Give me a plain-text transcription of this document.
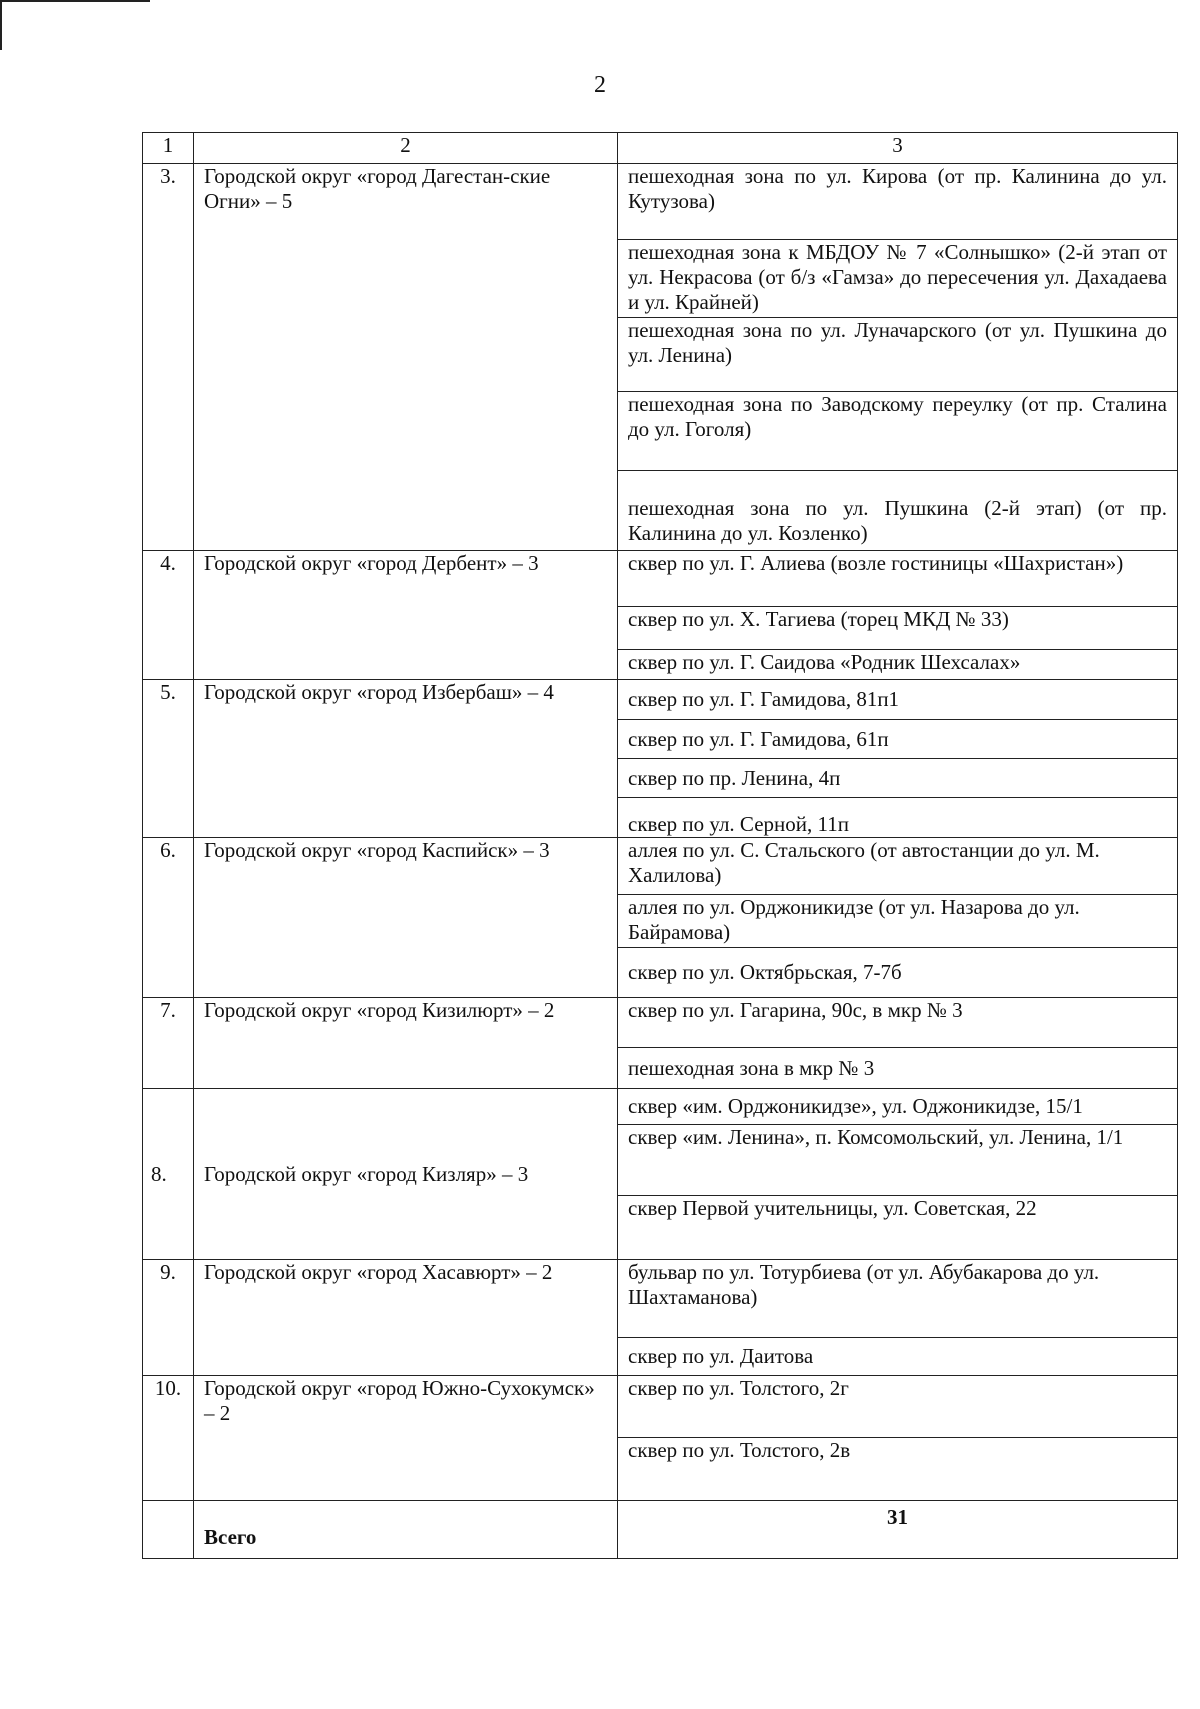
2
1	2	3
3.	Городской округ «город Дагестан-ские Огни» – 5	пешеходная зона по ул. Кирова (от пр. Калинина до ул. Кутузова)
		пешеходная зона к МБДОУ № 7 «Солнышко» (2-й этап от ул. Некрасова (от б/з «Гамза» до пересечения ул. Дахадаева и ул. Крайней)
		пешеходная зона по ул. Луначарского (от ул. Пушкина до ул. Ленина)
		пешеходная зона по Заводскому переулку (от пр. Сталина до ул. Гоголя)
		пешеходная зона по ул. Пушкина (2-й этап) (от пр. Калинина до ул. Козленко)
4.	Городской округ «город Дербент» – 3	сквер по ул. Г. Алиева (возле гостиницы «Шахристан»)
		сквер по ул. Х. Тагиева (торец МКД № 33)
		сквер по ул. Г. Саидова «Родник Шехсалах»
5.	Городской округ «город Избербаш» – 4	сквер по ул. Г. Гамидова, 81п1
		сквер по ул. Г. Гамидова, 61п
		сквер по пр. Ленина, 4п
		сквер по ул. Серной, 11п
6.	Городской округ «город Каспийск» – 3	аллея по ул. С. Стальского (от автостанции до ул. М. Халилова)
		аллея по ул. Орджоникидзе (от ул. Назарова до ул. Байрамова)
		сквер по ул. Октябрьская, 7-7б
7.	Городской округ «город Кизилюрт» – 2	сквер по ул. Гагарина, 90с, в мкр № 3
		пешеходная зона в мкр № 3
8.	Городской округ «город Кизляр» – 3	сквер «им. Орджоникидзе», ул. Оджоникидзе, 15/1
		сквер «им. Ленина», п. Комсомольский, ул. Ленина, 1/1
		сквер Первой учительницы, ул. Советская, 22
9.	Городской округ «город Хасавюрт» – 2	бульвар по ул. Тотурбиева (от ул. Абубакарова до ул. Шахтаманова)
		сквер по ул. Даитова
10.	Городской округ «город Южно-Сухокумск» – 2	сквер по ул. Толстого, 2г
		сквер по ул. Толстого, 2в
	Всего	31
